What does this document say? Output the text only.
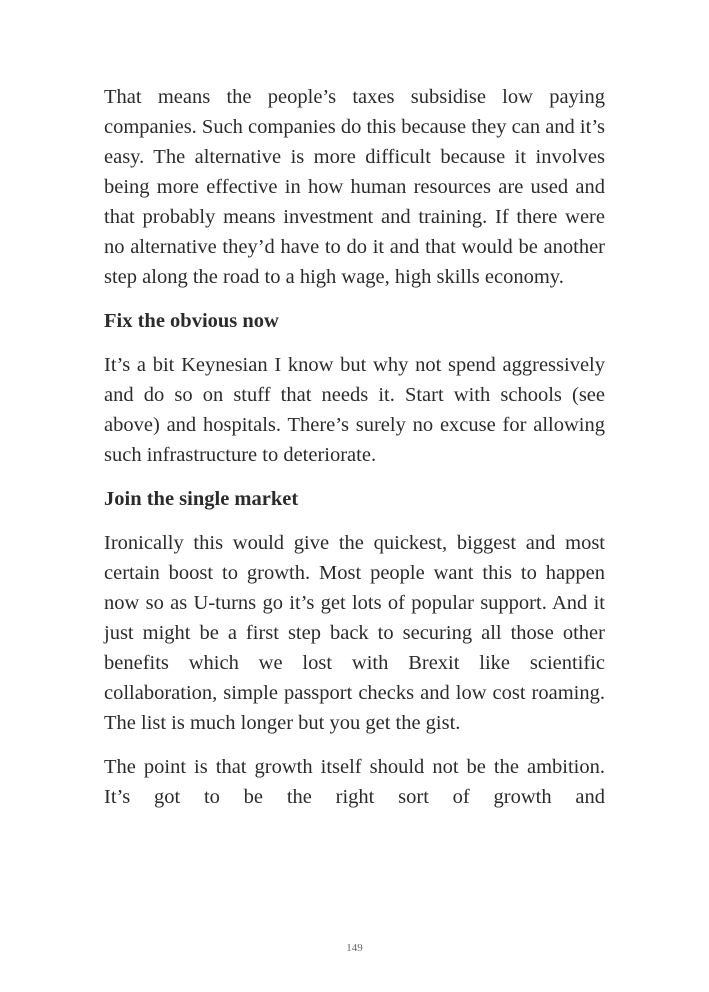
That means the people’s taxes subsidise low paying companies. Such companies do this because they can and it’s easy. The alternative is more difficult because it involves being more effective in how human resources are used and that probably means investment and training. If there were no alternative they’d have to do it and that would be another step along the road to a high wage, high skills economy.

Fix the obvious now

It’s a bit Keynesian I know but why not spend aggressively and do so on stuff that needs it. Start with schools (see above) and hospitals. There’s surely no excuse for allowing such infrastructure to deteriorate.

Join the single market

Ironically this would give the quickest, biggest and most certain boost to growth. Most people want this to happen now so as U-turns go it’s get lots of popular support. And it just might be a first step back to securing all those other benefits which we lost with Brexit like scientific collaboration, simple passport checks and low cost roaming. The list is much longer but you get the gist.

The point is that growth itself should not be the ambition. It’s got to be the right sort of growth and

149
